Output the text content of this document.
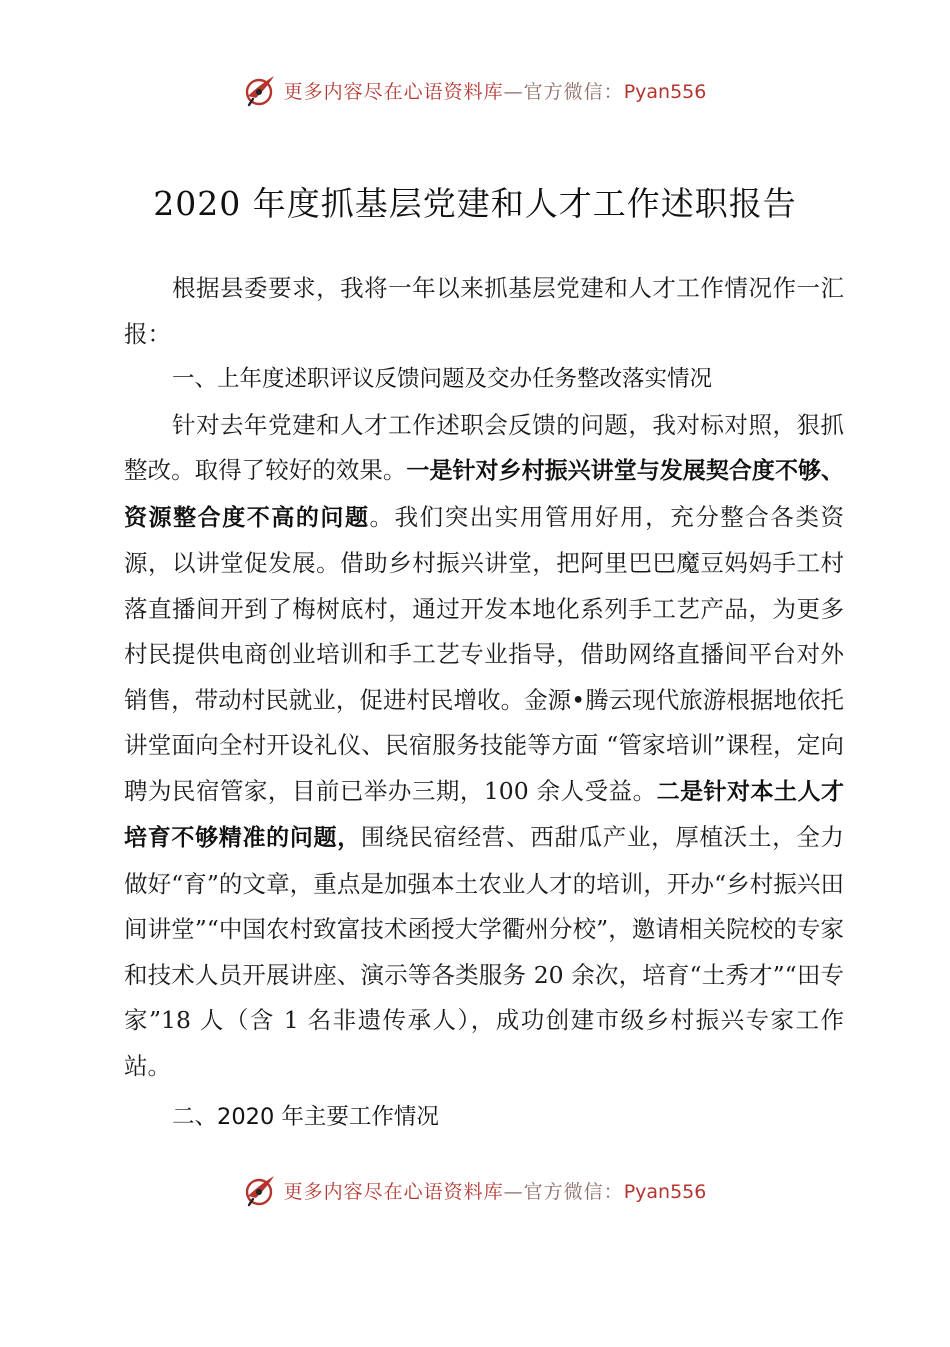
更多内容尽在心语资料库—官方微信：Pyan556
2020 年度抓基层党建和人才工作述职报告

根据县委要求，我将一年以来抓基层党建和人才工作情况作一汇报：

一、上年度述职评议反馈问题及交办任务整改落实情况

针对去年党建和人才工作述职会反馈的问题，我对标对照，狠抓整改。取得了较好的效果。一是针对乡村振兴讲堂与发展契合度不够、资源整合度不高的问题。我们突出实用管用好用，充分整合各类资源，以讲堂促发展。借助乡村振兴讲堂，把阿里巴巴魔豆妈妈手工村落直播间开到了梅树底村，通过开发本地化系列手工艺产品，为更多村民提供电商创业培训和手工艺专业指导，借助网络直播间平台对外销售，带动村民就业，促进村民增收。金源•腾云现代旅游根据地依托讲堂面向全村开设礼仪、民宿服务技能等方面 “管家培训”课程，定向聘为民宿管家，目前已举办三期，100 余人受益。二是针对本土人才培育不够精准的问题，围绕民宿经营、西甜瓜产业，厚植沃土，全力做好“育”的文章，重点是加强本土农业人才的培训，开办“乡村振兴田间讲堂”“中国农村致富技术函授大学衢州分校”，邀请相关院校的专家和技术人员开展讲座、演示等各类服务 20 余次，培育“土秀才”“田专家”18 人（含 1 名非遗传承人），成功创建市级乡村振兴专家工作站。

二、2020 年主要工作情况

更多内容尽在心语资料库—官方微信：Pyan556
